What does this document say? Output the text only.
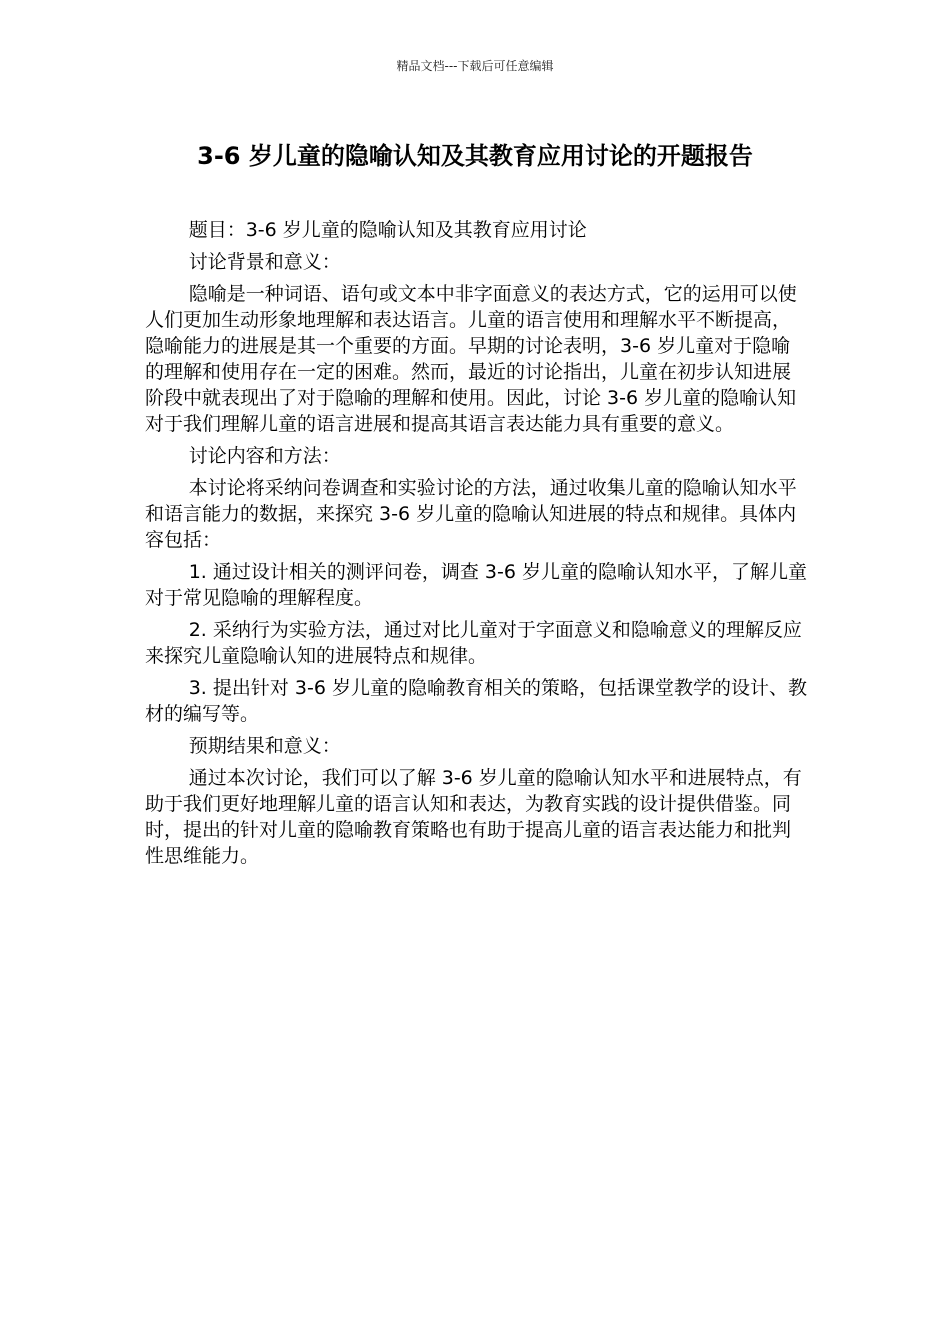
精品文档---下载后可任意编辑
3-6 岁儿童的隐喻认知及其教育应用讨论的开题报告

题目：3-6 岁儿童的隐喻认知及其教育应用讨论

讨论背景和意义：

隐喻是一种词语、语句或文本中非字面意义的表达方式，它的运用可以使人们更加生动形象地理解和表达语言。儿童的语言使用和理解水平不断提高，隐喻能力的进展是其一个重要的方面。早期的讨论表明，3-6 岁儿童对于隐喻的理解和使用存在一定的困难。然而，最近的讨论指出，儿童在初步认知进展阶段中就表现出了对于隐喻的理解和使用。因此，讨论 3-6 岁儿童的隐喻认知对于我们理解儿童的语言进展和提高其语言表达能力具有重要的意义。

讨论内容和方法：

本讨论将采纳问卷调查和实验讨论的方法，通过收集儿童的隐喻认知水平和语言能力的数据，来探究 3-6 岁儿童的隐喻认知进展的特点和规律。具体内容包括：

1. 通过设计相关的测评问卷，调查 3-6 岁儿童的隐喻认知水平，了解儿童对于常见隐喻的理解程度。

2. 采纳行为实验方法，通过对比儿童对于字面意义和隐喻意义的理解反应来探究儿童隐喻认知的进展特点和规律。

3. 提出针对 3-6 岁儿童的隐喻教育相关的策略，包括课堂教学的设计、教材的编写等。

预期结果和意义：

通过本次讨论，我们可以了解 3-6 岁儿童的隐喻认知水平和进展特点，有助于我们更好地理解儿童的语言认知和表达，为教育实践的设计提供借鉴。同时，提出的针对儿童的隐喻教育策略也有助于提高儿童的语言表达能力和批判性思维能力。
